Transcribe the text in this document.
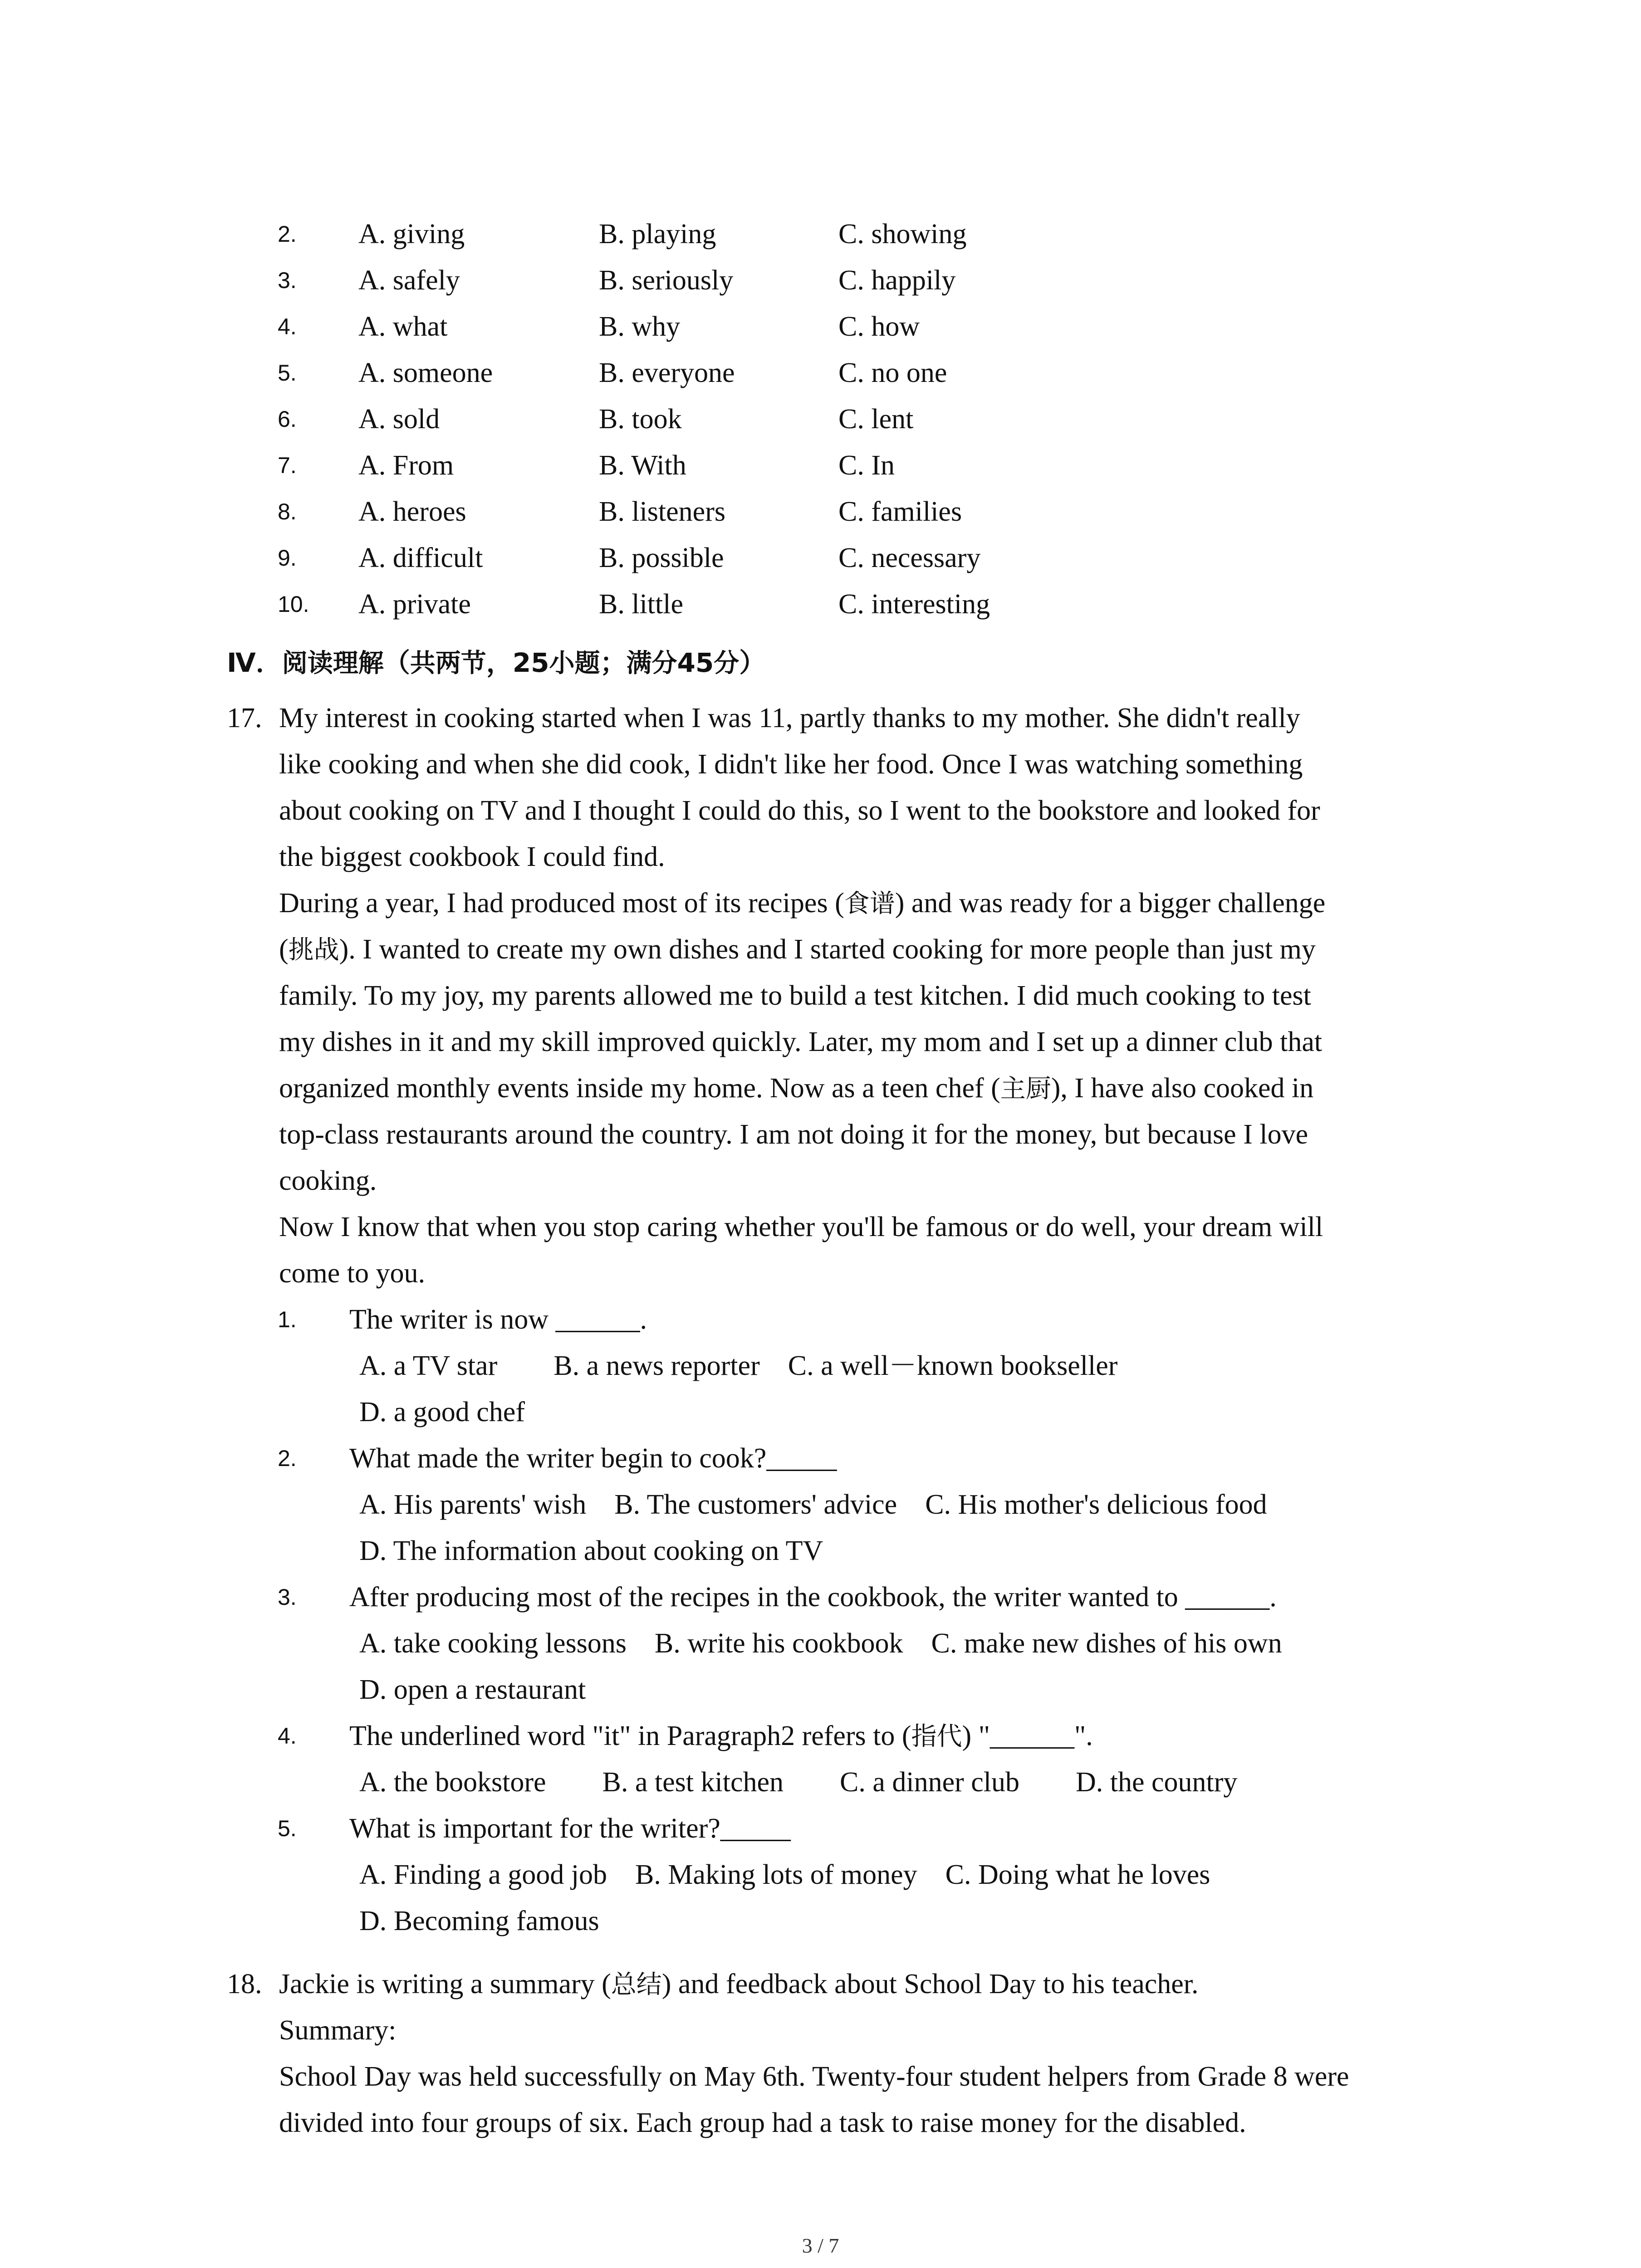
2. A. giving	B. playing	C. showing
3. A. safely	B. seriously	C. happily
4. A. what	B. why	C. how
5. A. someone	B. everyone	C. no one
6. A. sold	B. took	C. lent
7. A. From	B. With	C. In
8. A. heroes	B. listeners	C. families
9. A. difficult	B. possible	C. necessary
10. A. private	B. little	C. interesting
Ⅳ．阅读理解（共两节，25小题；满分45分）
17. My interest in cooking started when I was 11, partly thanks to my mother. She didn't really
like cooking and when she did cook, I didn't like her food. Once I was watching something
about cooking on TV and I thought I could do this, so I went to the bookstore and looked for
the biggest cookbook I could find.
During a year, I had produced most of its recipes (食谱) and was ready for a bigger challenge
(挑战). I wanted to create my own dishes and I started cooking for more people than just my
family. To my joy, my parents allowed me to build a test kitchen. I did much cooking to test
my dishes in it and my skill improved quickly. Later, my mom and I set up a dinner club that
organized monthly events inside my home. Now as a teen chef (主厨), I have also cooked in
top-class restaurants around the country. I am not doing it for the money, but because I love
cooking.
Now I know that when you stop caring whether you'll be famous or do well, your dream will
come to you.
1. The writer is now ______.
A. a TV star　　B. a news reporter　C. a well－known bookseller
D. a good chef
2. What made the writer begin to cook?_____
A. His parents' wish　B. The customers' advice　C. His mother's delicious food
D. The information about cooking on TV
3. After producing most of the recipes in the cookbook, the writer wanted to ______.
A. take cooking lessons　B. write his cookbook　C. make new dishes of his own
D. open a restaurant
4. The underlined word "it" in Paragraph2 refers to (指代) "______".
A. the bookstore　　B. a test kitchen　　C. a dinner club　　D. the country
5. What is important for the writer?_____
A. Finding a good job　B. Making lots of money　C. Doing what he loves
D. Becoming famous
18. Jackie is writing a summary (总结) and feedback about School Day to his teacher.
Summary:
School Day was held successfully on May 6th. Twenty-four student helpers from Grade 8 were
divided into four groups of six. Each group had a task to raise money for the disabled.
3 / 7
